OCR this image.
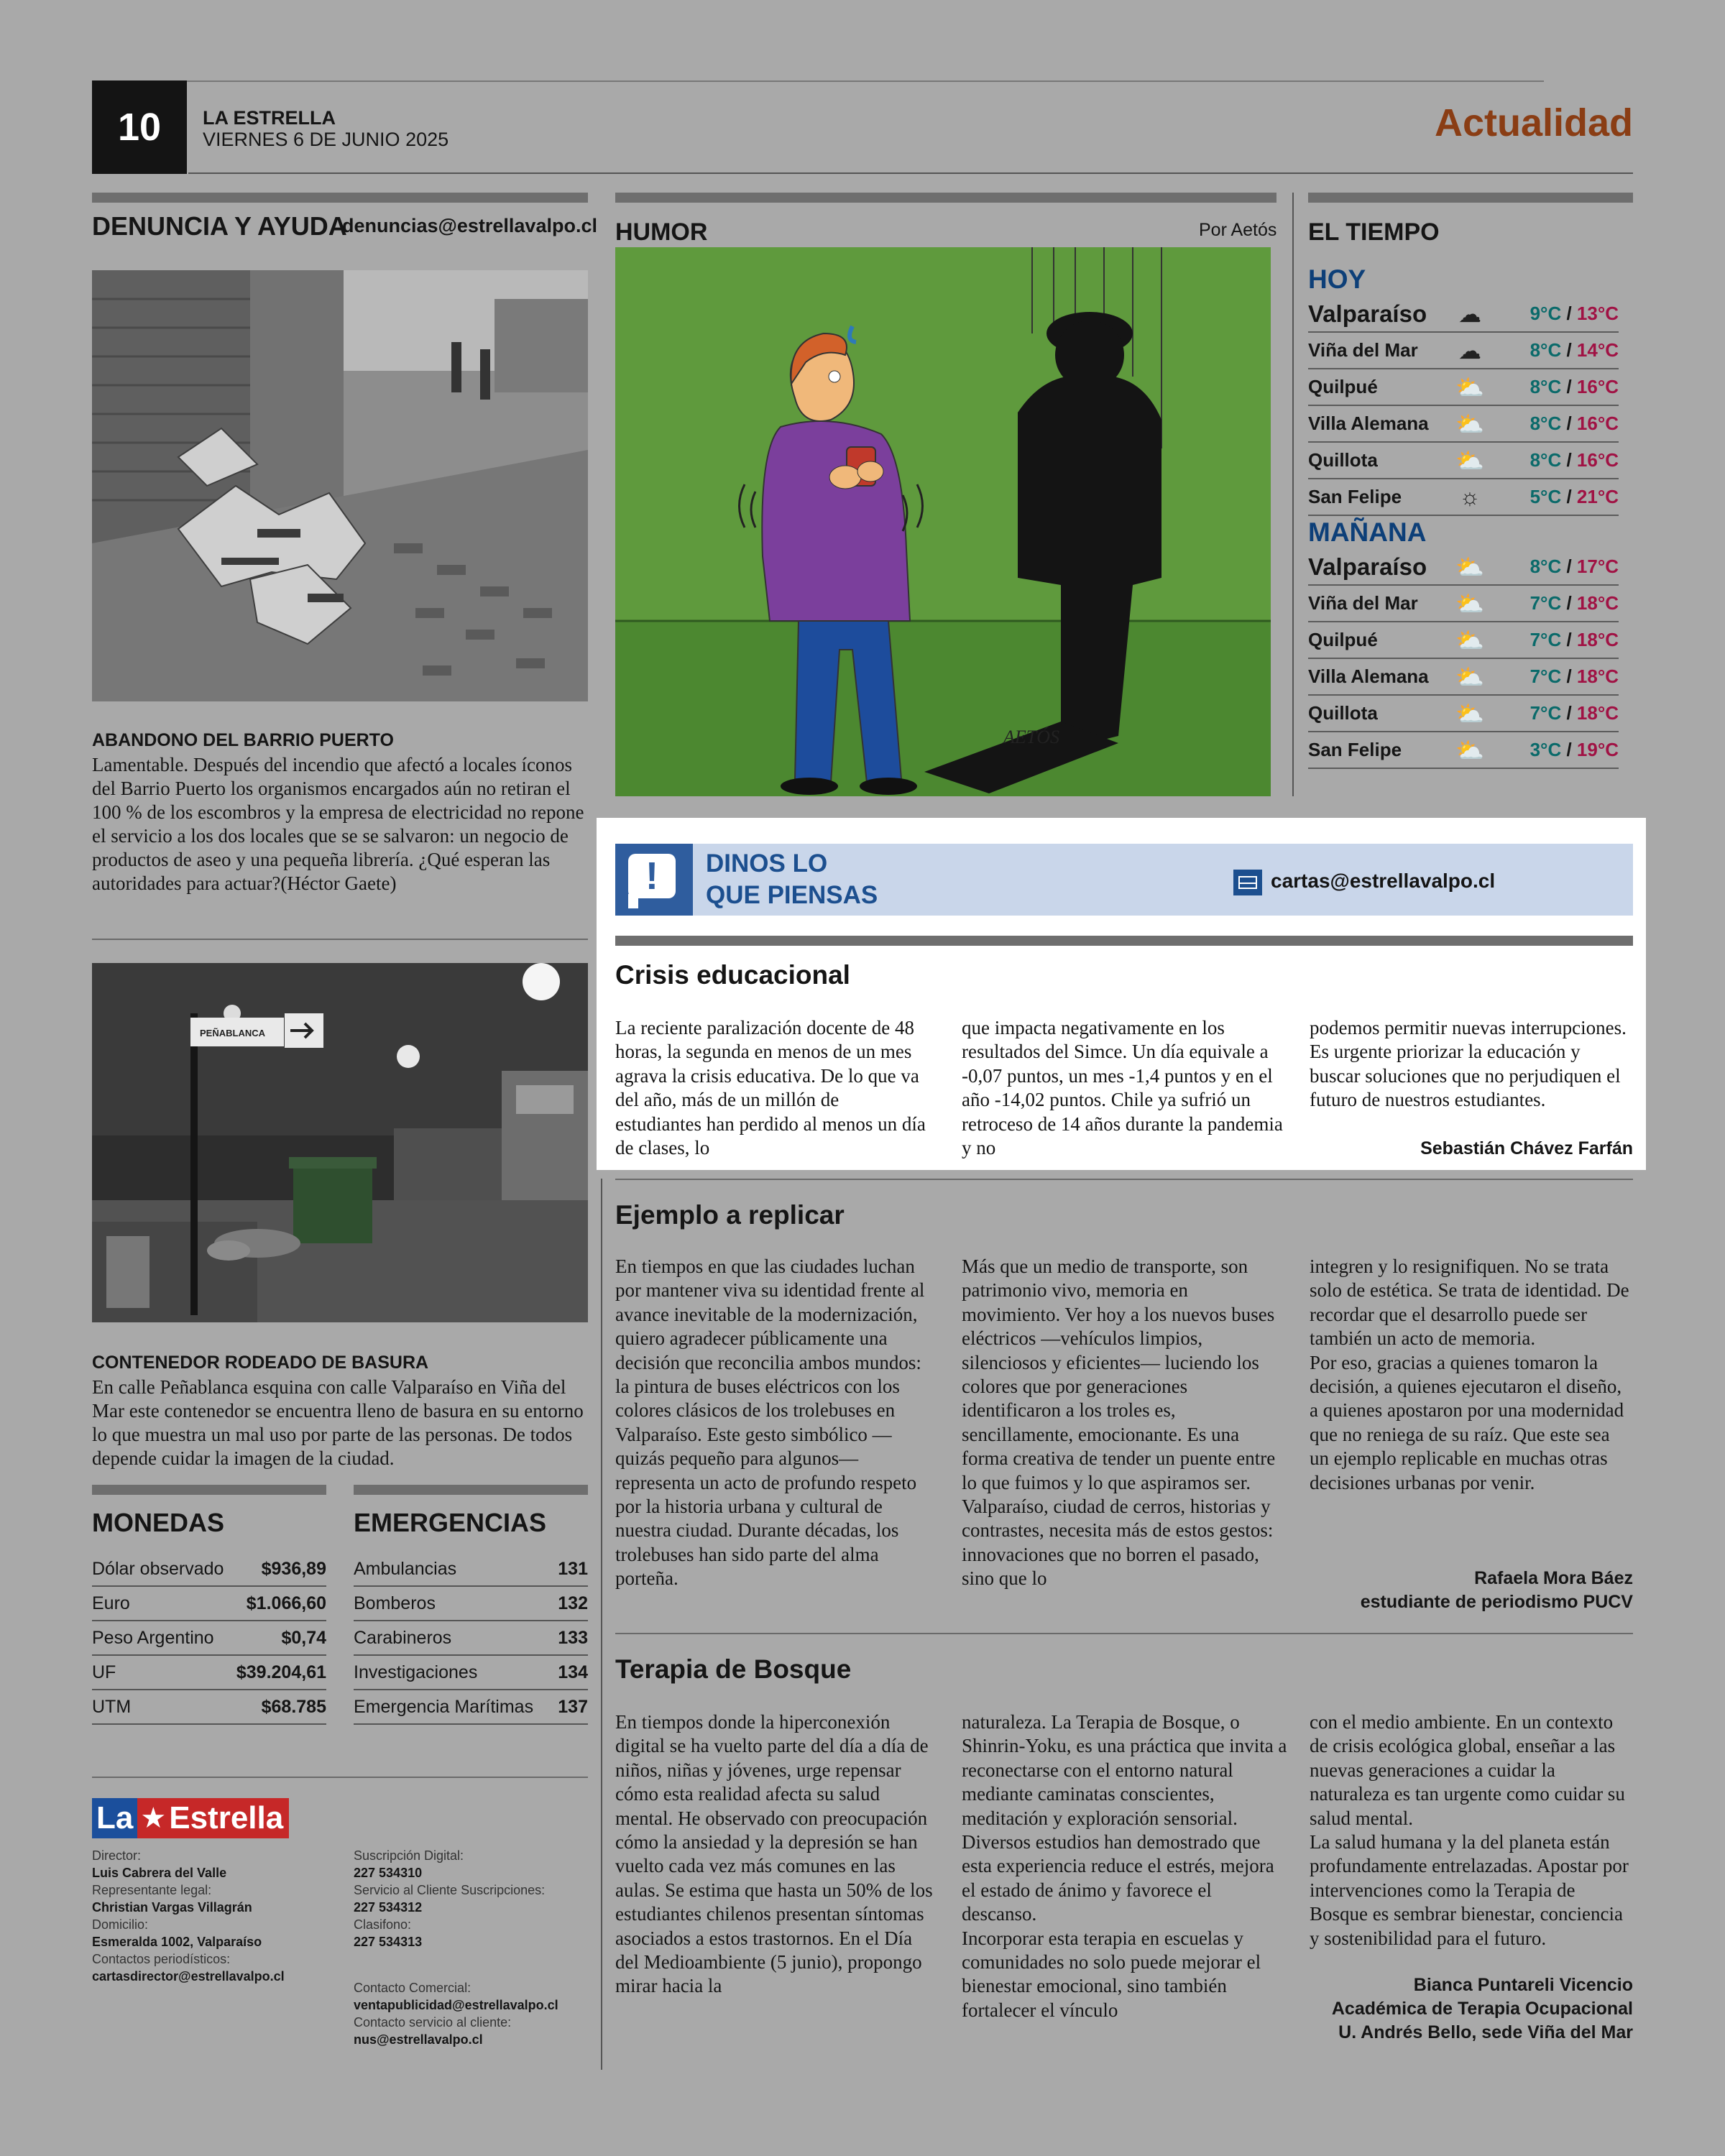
10	LA ESTRELLA
VIERNES 6 DE JUNIO 2025	Actualidad
DENUNCIA Y AYUDA
denuncias@estrellavalpo.cl
ABANDONO DEL BARRIO PUERTO
Lamentable. Después del incendio que afectó a locales íconos del Barrio Puerto los organismos encargados aún no retiran el 100 % de los escombros y la empresa de electricidad no repone el servicio a los dos locales que se se salvaron: un negocio de productos de aseo y una pequeña librería. ¿Qué esperan las autoridades para actuar?(Héctor Gaete)
PEÑABLANCA
CONTENEDOR RODEADO DE BASURA
En calle Peñablanca esquina con calle Valparaíso en Viña del Mar este contenedor se encuentra lleno de basura en su entorno lo que muestra un mal uso por parte de las personas. De todos depende cuidar la imagen de la ciudad.
MONEDAS
Dólar observado $936,89
Euro	$1.066,60
Peso Argentino	$0,74
UF	$39.204,61
UTM	$68.785
EMERGENCIAS
Ambulancias	131
Bomberos	132
Carabineros	133
Investigaciones	134
Emergencia Marítimas 137
La ★ Estrella
Director:
Luis Cabrera del Valle
Representante legal:
Christian Vargas Villagrán
Domicilio:
Esmeralda 1002, Valparaíso
Contactos periodísticos:
cartasdirector@estrellavalpo.cl
Suscripción Digital:
227 534310
Servicio al Cliente Suscripciones:
227 534312
Clasifono:
227 534313
Contacto Comercial:
ventapublicidad@estrellavalpo.cl
Contacto servicio al cliente:
nus@estrellavalpo.cl
HUMOR	Por Aetós
AETÓS
EL TIEMPO
HOY
Valparaíso	☁	9°C / 13°C
Viña del Mar	☁	8°C / 14°C
Quilpué	⛅	8°C / 16°C
Villa Alemana	⛅	8°C / 16°C
Quillota	⛅	8°C / 16°C
San Felipe	☼	5°C / 21°C
MAÑANA
Valparaíso	⛅	8°C / 17°C
Viña del Mar	⛅	7°C / 18°C
Quilpué	⛅	7°C / 18°C
Villa Alemana	⛅	7°C / 18°C
Quillota	⛅	7°C / 18°C
San Felipe	⛅	3°C / 19°C
!	DINOS LO
QUE PIENSAS
cartas@estrellavalpo.cl
Crisis educacional
La reciente paralización docente de 48 horas, la segunda en menos de un mes agrava la crisis educativa. De lo que va del año, más de un millón de estudiantes han perdido al menos un día de clases, lo
que impacta negativamente en los resultados del Simce. Un día equivale a -0,07 puntos, un mes -1,4 puntos y en el año -14,02 puntos. Chile ya sufrió un retroceso de 14 años durante la pandemia y no
podemos permitir nuevas interrupciones. Es urgente priorizar la educación y buscar soluciones que no perjudiquen el futuro de nuestros estudiantes.
Sebastián Chávez Farfán
Ejemplo a replicar
En tiempos en que las ciudades luchan por mantener viva su identidad frente al avance inevitable de la modernización, quiero agradecer públicamente una decisión que reconcilia ambos mundos: la pintura de buses eléctricos con los colores clásicos de los trolebuses en Valparaíso. Este gesto simbólico —quizás pequeño para algunos— representa un acto de profundo respeto por la historia urbana y cultural de nuestra ciudad. Durante décadas, los trolebuses han sido parte del alma porteña.
Más que un medio de transporte, son patrimonio vivo, memoria en movimiento. Ver hoy a los nuevos buses eléctricos —vehículos limpios, silenciosos y eficientes— luciendo los colores que por generaciones identificaron a los troles es, sencillamente, emocionante. Es una forma creativa de tender un puente entre lo que fuimos y lo que aspiramos ser. Valparaíso, ciudad de cerros, historias y contrastes, necesita más de estos gestos: innovaciones que no borren el pasado, sino que lo
integren y lo resignifiquen. No se trata solo de estética. Se trata de identidad. De recordar que el desarrollo puede ser también un acto de memoria.
Por eso, gracias a quienes tomaron la decisión, a quienes ejecutaron el diseño, a quienes apostaron por una modernidad que no reniega de su raíz. Que este sea un ejemplo replicable en muchas otras decisiones urbanas por venir.
Rafaela Mora Báez
estudiante de periodismo PUCV
Terapia de Bosque
En tiempos donde la hiperconexión digital se ha vuelto parte del día a día de niños, niñas y jóvenes, urge repensar cómo esta realidad afecta su salud mental. He observado con preocupación cómo la ansiedad y la depresión se han vuelto cada vez más comunes en las aulas. Se estima que hasta un 50% de los estudiantes chilenos presentan síntomas asociados a estos trastornos. En el Día del Medioambiente (5 junio), propongo mirar hacia la
naturaleza. La Terapia de Bosque, o Shinrin-Yoku, es una práctica que invita a reconectarse con el entorno natural mediante caminatas conscientes, meditación y exploración sensorial. Diversos estudios han demostrado que esta experiencia reduce el estrés, mejora el estado de ánimo y favorece el descanso.
Incorporar esta terapia en escuelas y comunidades no solo puede mejorar el bienestar emocional, sino también fortalecer el vínculo
con el medio ambiente. En un contexto de crisis ecológica global, enseñar a las nuevas generaciones a cuidar la naturaleza es tan urgente como cuidar su salud mental.
La salud humana y la del planeta están profundamente entrelazadas. Apostar por intervenciones como la Terapia de Bosque es sembrar bienestar, conciencia y sostenibilidad para el futuro.
Bianca Puntareli Vicencio
Académica de Terapia Ocupacional
U. Andrés Bello, sede Viña del Mar
